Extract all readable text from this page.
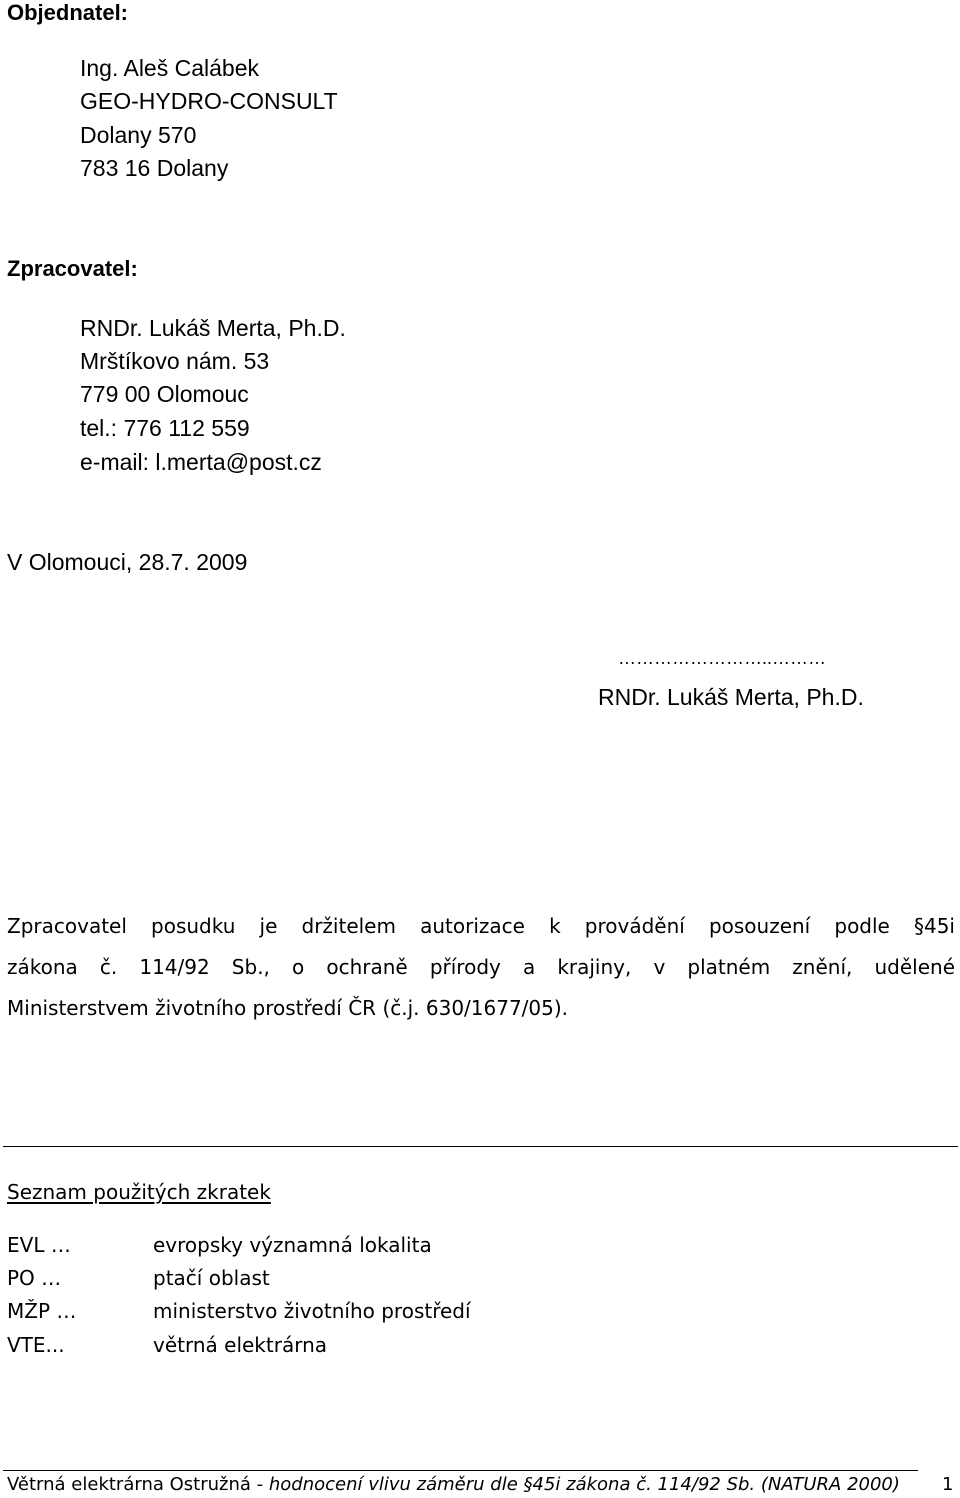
Objednatel:
Ing. Aleš Calábek
GEO-HYDRO-CONSULT
Dolany 570
783 16 Dolany
Zpracovatel:
RNDr. Lukáš Merta, Ph.D.
Mrštíkovo nám. 53
779 00 Olomouc
tel.: 776 112 559
e-mail: l.merta@post.cz
V Olomouci, 28.7. 2009
……………………..………
RNDr. Lukáš Merta, Ph.D.
Zpracovatel posudku je držitelem autorizace k provádění posouzení podle §45i
zákona č. 114/92 Sb., o ochraně přírody a krajiny, v platném znění, udělené
Ministerstvem životního prostředí ČR (č.j. 630/1677/05).
Seznam použitých zkratek
EVL …	evropsky významná lokalita
PO …	ptačí oblast
MŽP …	ministerstvo životního prostředí
VTE...	větrná elektrárna
Větrná elektrárna Ostružná - hodnocení vlivu záměru dle §45i zákona č. 114/92 Sb. (NATURA 2000) 1
